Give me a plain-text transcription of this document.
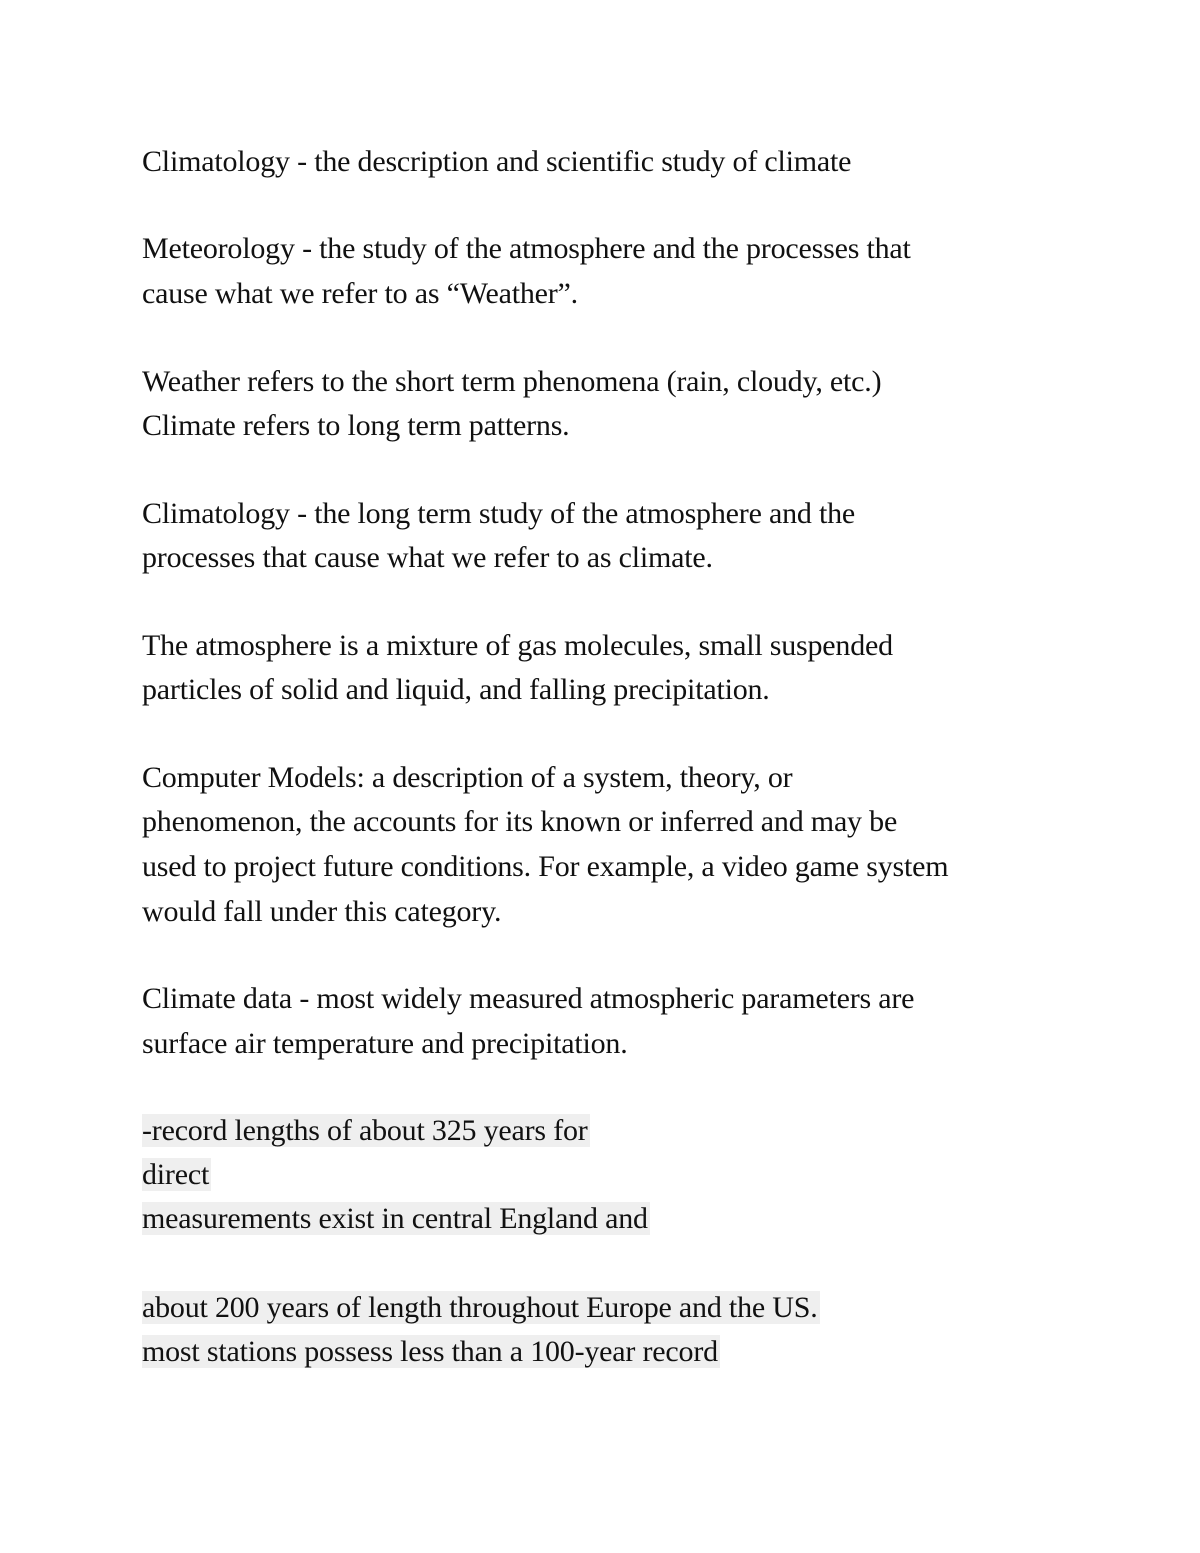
Climatology - the description and scientific study of climate
Meteorology - the study of the atmosphere and the processes that
cause what we refer to as “Weather”.
Weather refers to the short term phenomena (rain, cloudy, etc.)
Climate refers to long term patterns.
Climatology - the long term study of the atmosphere and the
processes that cause what we refer to as climate.
The atmosphere is a mixture of gas molecules, small suspended
particles of solid and liquid, and falling precipitation.
Computer Models: a description of a system, theory, or
phenomenon, the accounts for its known or inferred and may be
used to project future conditions. For example, a video game system
would fall under this category.
Climate data - most widely measured atmospheric parameters are
surface air temperature and precipitation.
-record lengths of about 325 years for
direct
measurements exist in central England and
about 200 years of length throughout Europe and the US.
most stations possess less than a 100-year record
